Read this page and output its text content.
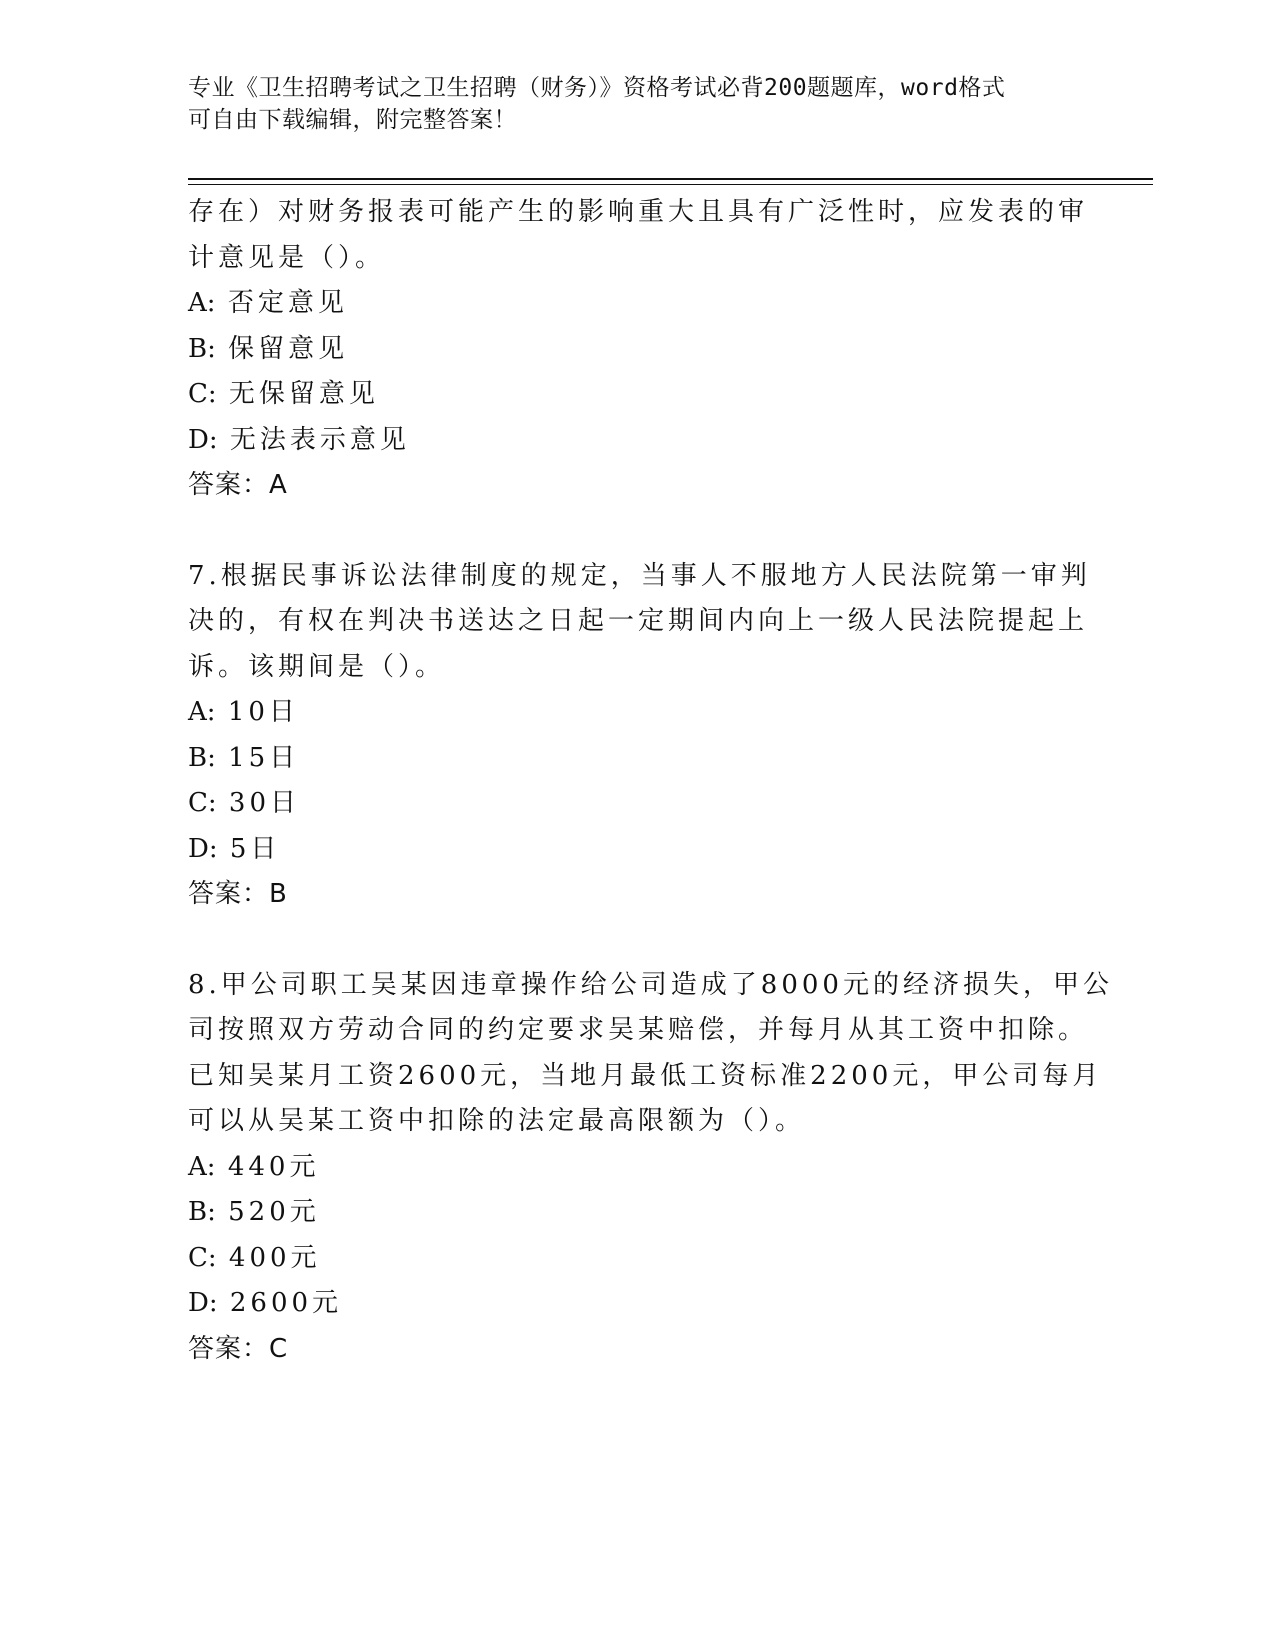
专业《卫生招聘考试之卫生招聘（财务）》资格考试必背200题题库，word格式
可自由下载编辑，附完整答案！
存在）对财务报表可能产生的影响重大且具有广泛性时，应发表的审
计意见是（）。
A: 否定意见
B: 保留意见
C: 无保留意见
D: 无法表示意见
答案：A
7.根据民事诉讼法律制度的规定，当事人不服地方人民法院第一审判
决的，有权在判决书送达之日起一定期间内向上一级人民法院提起上
诉。该期间是（）。
A: 10日
B: 15日
C: 30日
D: 5日
答案：B
8.甲公司职工吴某因违章操作给公司造成了8000元的经济损失，甲公
司按照双方劳动合同的约定要求吴某赔偿，并每月从其工资中扣除。
已知吴某月工资2600元，当地月最低工资标准2200元，甲公司每月
可以从吴某工资中扣除的法定最高限额为（）。
A: 440元
B: 520元
C: 400元
D: 2600元
答案：C
